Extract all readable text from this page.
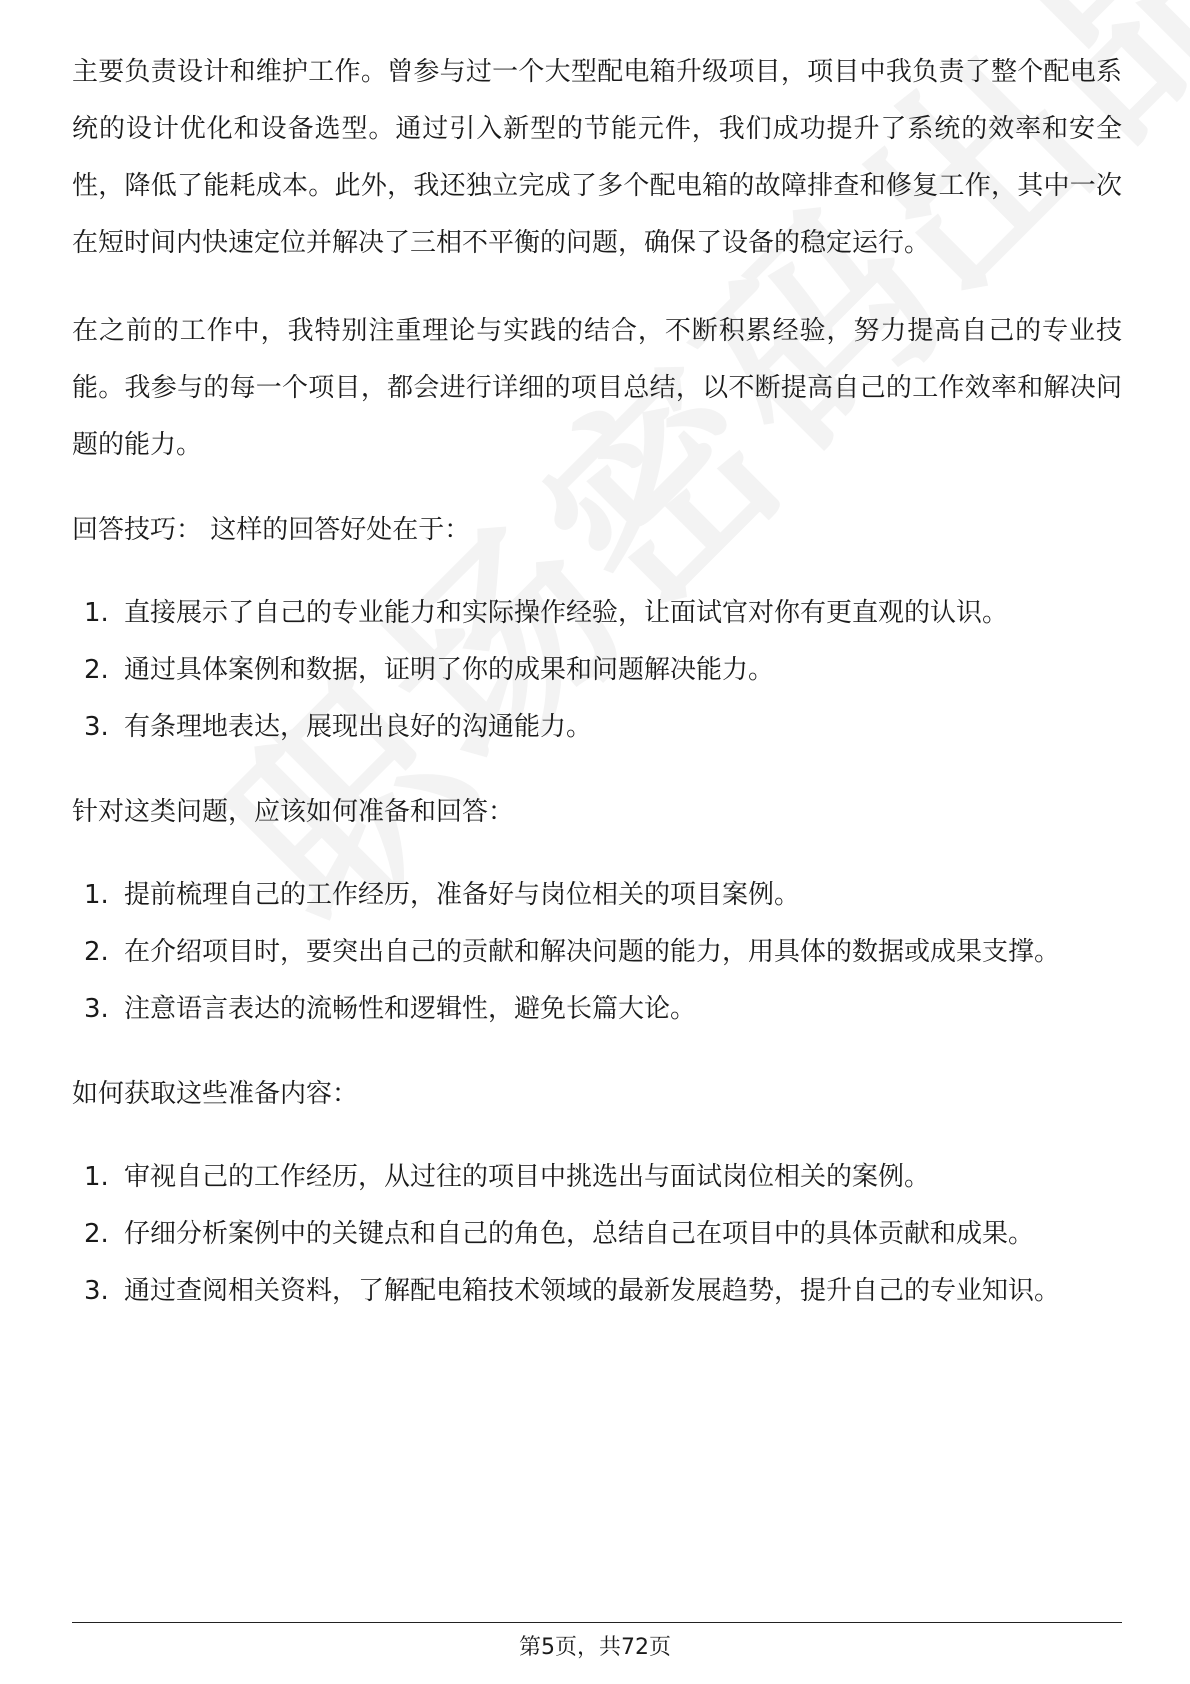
主要负责设计和维护工作。曾参与过一个大型配电箱升级项目，项目中我负责了整个配电系统的设计优化和设备选型。通过引入新型的节能元件，我们成功提升了系统的效率和安全性，降低了能耗成本。此外，我还独立完成了多个配电箱的故障排查和修复工作，其中一次在短时间内快速定位并解决了三相不平衡的问题，确保了设备的稳定运行。

在之前的工作中，我特别注重理论与实践的结合，不断积累经验，努力提高自己的专业技能。我参与的每一个项目，都会进行详细的项目总结，以不断提高自己的工作效率和解决问题的能力。

回答技巧： 这样的回答好处在于：

1. 直接展示了自己的专业能力和实际操作经验，让面试官对你有更直观的认识。
2. 通过具体案例和数据，证明了你的成果和问题解决能力。
3. 有条理地表达，展现出良好的沟通能力。

针对这类问题，应该如何准备和回答：

1. 提前梳理自己的工作经历，准备好与岗位相关的项目案例。
2. 在介绍项目时，要突出自己的贡献和解决问题的能力，用具体的数据或成果支撑。
3. 注意语言表达的流畅性和逻辑性，避免长篇大论。

如何获取这些准备内容：

1. 审视自己的工作经历，从过往的项目中挑选出与面试岗位相关的案例。
2. 仔细分析案例中的关键点和自己的角色，总结自己在项目中的具体贡献和成果。
3. 通过查阅相关资料，了解配电箱技术领域的最新发展趋势，提升自己的专业知识。
第5页，共72页
